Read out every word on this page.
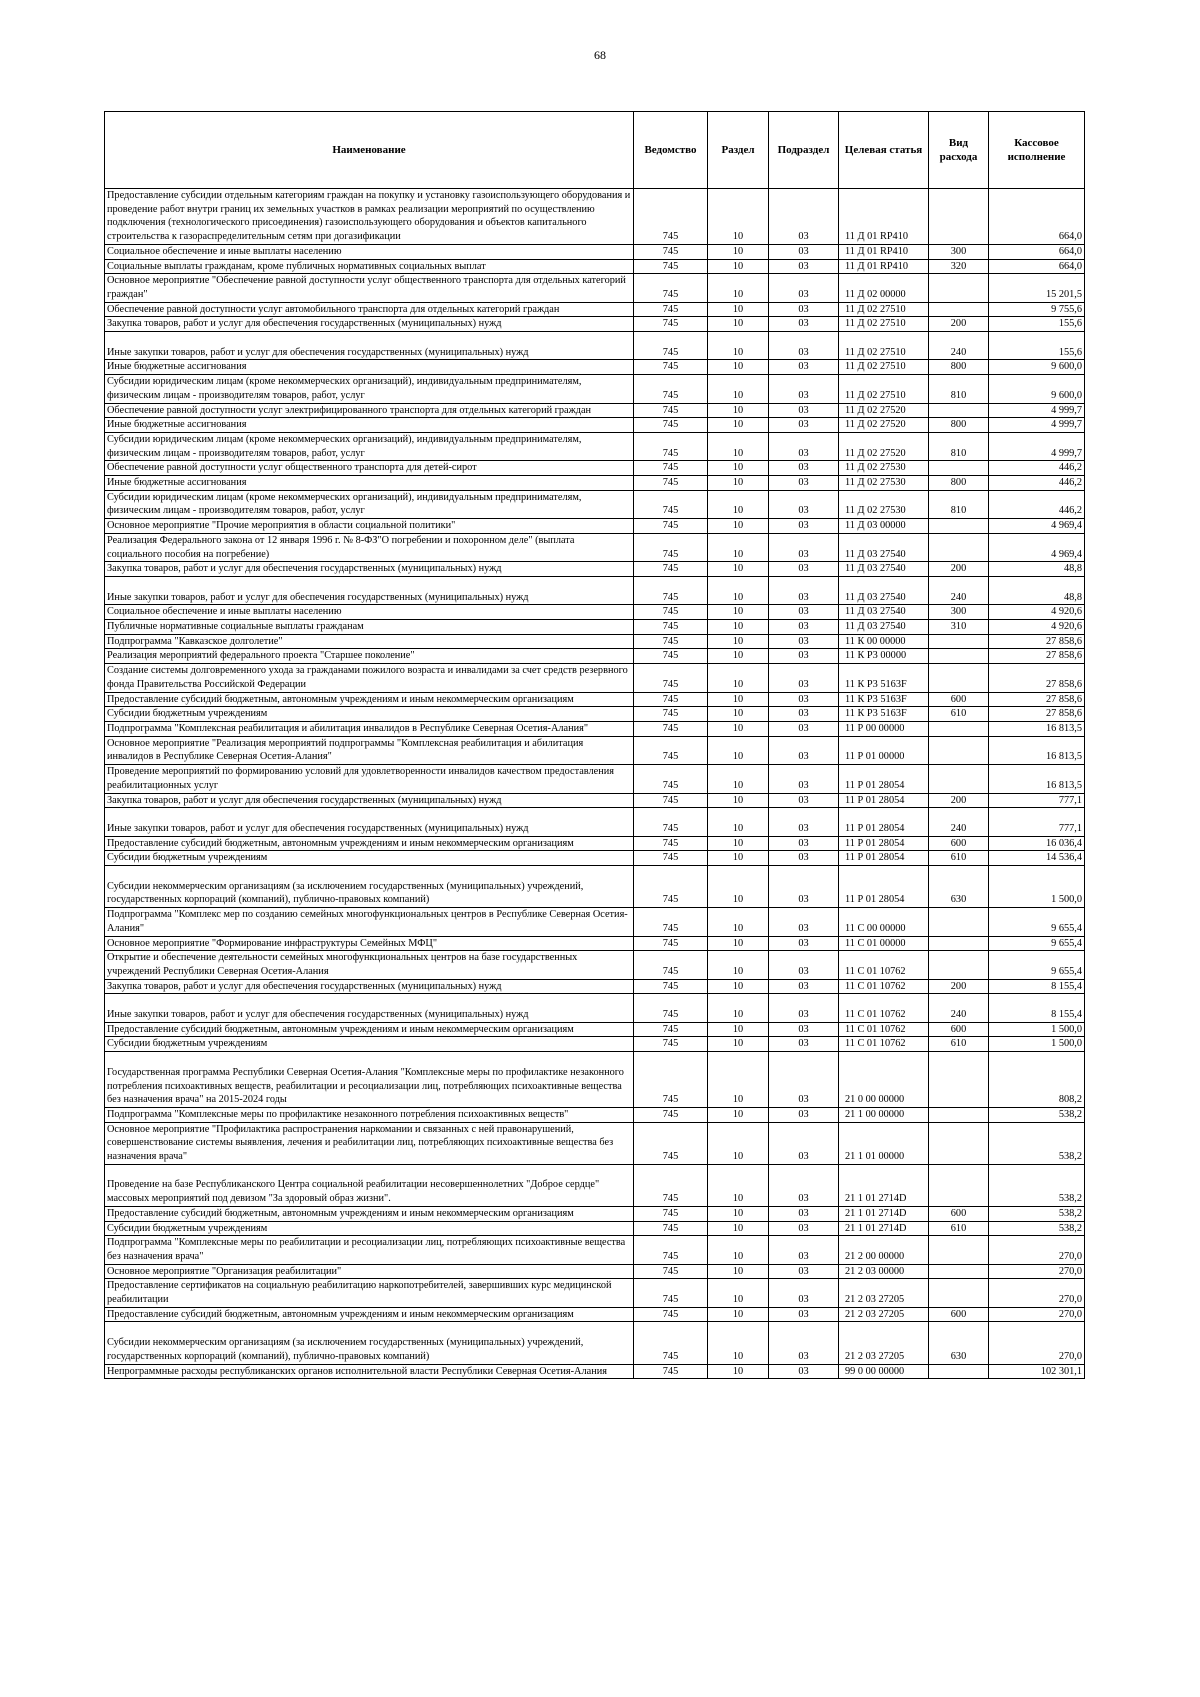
68
Наименование	Ведомство	Раздел	Подраздел	Целевая статья	Вид расхода	Кассовое исполнение
Предоставление субсидии отдельным категориям граждан на покупку и установку газоиспользующего оборудования и проведение работ внутри границ их земельных участков в рамках реализации мероприятий по осуществлению подключения (технологического присоединения) газоиспользующего оборудования и объектов капитального строительства к газораспределительным сетям при догазификации	745	10	03	11 Д 01 RP410		664,0
Социальное обеспечение и иные выплаты населению	745	10	03	11 Д 01 RP410	300	664,0
Социальные выплаты гражданам, кроме публичных нормативных социальных выплат	745	10	03	11 Д 01 RP410	320	664,0
Основное мероприятие "Обеспечение равной доступности услуг общественного транспорта для отдельных категорий граждан"	745	10	03	11 Д 02 00000		15 201,5
Обеспечение равной доступности услуг автомобильного транспорта для отдельных категорий граждан	745	10	03	11 Д 02 27510		9 755,6
Закупка товаров, работ и услуг для обеспечения государственных (муниципальных) нужд	745	10	03	11 Д 02 27510	200	155,6
Иные закупки товаров, работ и услуг для обеспечения государственных (муниципальных) нужд	745	10	03	11 Д 02 27510	240	155,6
Иные бюджетные ассигнования	745	10	03	11 Д 02 27510	800	9 600,0
Субсидии юридическим лицам (кроме некоммерческих организаций), индивидуальным предпринимателям, физическим лицам - производителям товаров, работ, услуг	745	10	03	11 Д 02 27510	810	9 600,0
Обеспечение равной доступности услуг электрифицированного транспорта для отдельных категорий граждан	745	10	03	11 Д 02 27520		4 999,7
Иные бюджетные ассигнования	745	10	03	11 Д 02 27520	800	4 999,7
Субсидии юридическим лицам (кроме некоммерческих организаций), индивидуальным предпринимателям, физическим лицам - производителям товаров, работ, услуг	745	10	03	11 Д 02 27520	810	4 999,7
Обеспечение равной доступности услуг общественного транспорта для детей-сирот	745	10	03	11 Д 02 27530		446,2
Иные бюджетные ассигнования	745	10	03	11 Д 02 27530	800	446,2
Субсидии юридическим лицам (кроме некоммерческих организаций), индивидуальным предпринимателям, физическим лицам - производителям товаров, работ, услуг	745	10	03	11 Д 02 27530	810	446,2
Основное мероприятие "Прочие мероприятия в области социальной политики"	745	10	03	11 Д 03 00000		4 969,4
Реализация Федерального закона от 12 января 1996 г. № 8-ФЗ"О погребении и похоронном деле" (выплата социального пособия на погребение)	745	10	03	11 Д 03 27540		4 969,4
Закупка товаров, работ и услуг для обеспечения государственных (муниципальных) нужд	745	10	03	11 Д 03 27540	200	48,8
Иные закупки товаров, работ и услуг для обеспечения государственных (муниципальных) нужд	745	10	03	11 Д 03 27540	240	48,8
Социальное обеспечение и иные выплаты населению	745	10	03	11 Д 03 27540	300	4 920,6
Публичные нормативные социальные выплаты гражданам	745	10	03	11 Д 03 27540	310	4 920,6
Подпрограмма "Кавказское долголетие"	745	10	03	11 К 00 00000		27 858,6
Реализация мероприятий федерального проекта "Старшее поколение"	745	10	03	11 К Р3 00000		27 858,6
Создание системы долговременного ухода за гражданами пожилого возраста и инвалидами за счет средств резервного фонда Правительства Российской Федерации	745	10	03	11 К Р3 5163F		27 858,6
Предоставление субсидий бюджетным, автономным учреждениям и иным некоммерческим организациям	745	10	03	11 К Р3 5163F	600	27 858,6
Субсидии бюджетным учреждениям	745	10	03	11 К Р3 5163F	610	27 858,6
Подпрограмма "Комплексная реабилитация и абилитация инвалидов в Республике Северная Осетия-Алания"	745	10	03	11 Р 00 00000		16 813,5
Основное мероприятие "Реализация мероприятий подпрограммы "Комплексная реабилитация и абилитация инвалидов в Республике Северная Осетия-Алания"	745	10	03	11 Р 01 00000		16 813,5
Проведение мероприятий по формированию условий для удовлетворенности инвалидов качеством предоставления реабилитационных услуг	745	10	03	11 Р 01 28054		16 813,5
Закупка товаров, работ и услуг для обеспечения государственных (муниципальных) нужд	745	10	03	11 Р 01 28054	200	777,1
Иные закупки товаров, работ и услуг для обеспечения государственных (муниципальных) нужд	745	10	03	11 Р 01 28054	240	777,1
Предоставление субсидий бюджетным, автономным учреждениям и иным некоммерческим организациям	745	10	03	11 Р 01 28054	600	16 036,4
Субсидии бюджетным учреждениям	745	10	03	11 Р 01 28054	610	14 536,4
Субсидии некоммерческим организациям (за исключением государственных (муниципальных) учреждений, государственных корпораций (компаний), публично-правовых компаний)	745	10	03	11 Р 01 28054	630	1 500,0
Подпрограмма "Комплекс мер по созданию семейных многофункциональных центров в Республике Северная Осетия-Алания"	745	10	03	11 С 00 00000		9 655,4
Основное мероприятие "Формирование инфраструктуры Семейных МФЦ"	745	10	03	11 С 01 00000		9 655,4
Открытие и обеспечение деятельности семейных многофункциональных центров на базе государственных учреждений Республики Северная Осетия-Алания	745	10	03	11 С 01 10762		9 655,4
Закупка товаров, работ и услуг для обеспечения государственных (муниципальных) нужд	745	10	03	11 С 01 10762	200	8 155,4
Иные закупки товаров, работ и услуг для обеспечения государственных (муниципальных) нужд	745	10	03	11 С 01 10762	240	8 155,4
Предоставление субсидий бюджетным, автономным учреждениям и иным некоммерческим организациям	745	10	03	11 С 01 10762	600	1 500,0
Субсидии бюджетным учреждениям	745	10	03	11 С 01 10762	610	1 500,0
Государственная программа Республики Северная Осетия-Алания "Комплексные меры по профилактике незаконного потребления психоактивных веществ, реабилитации и ресоциализации лиц, потребляющих психоактивные вещества без назначения врача" на 2015-2024 годы	745	10	03	21 0 00 00000		808,2
Подпрограмма "Комплексные меры по профилактике незаконного потребления психоактивных веществ"	745	10	03	21 1 00 00000		538,2
Основное мероприятие "Профилактика распространения наркомании и связанных с ней правонарушений, совершенствование системы выявления, лечения и реабилитации лиц, потребляющих психоактивные вещества без назначения врача"	745	10	03	21 1 01 00000		538,2
Проведение на базе Республиканского Центра социальной реабилитации несовершеннолетних "Доброе сердце" массовых мероприятий под девизом "За здоровый образ жизни".	745	10	03	21 1 01 2714D		538,2
Предоставление субсидий бюджетным, автономным учреждениям и иным некоммерческим организациям	745	10	03	21 1 01 2714D	600	538,2
Субсидии бюджетным учреждениям	745	10	03	21 1 01 2714D	610	538,2
Подпрограмма "Комплексные меры по реабилитации и ресоциализации лиц, потребляющих психоактивные вещества без назначения врача"	745	10	03	21 2 00 00000		270,0
Основное мероприятие "Организация реабилитации"	745	10	03	21 2 03 00000		270,0
Предоставление сертификатов на социальную реабилитацию наркопотребителей, завершивших курс медицинской реабилитации	745	10	03	21 2 03 27205		270,0
Предоставление субсидий бюджетным, автономным учреждениям и иным некоммерческим организациям	745	10	03	21 2 03 27205	600	270,0
Субсидии некоммерческим организациям (за исключением государственных (муниципальных) учреждений, государственных корпораций (компаний), публично-правовых компаний)	745	10	03	21 2 03 27205	630	270,0
Непрограммные расходы республиканских органов исполнительной власти Республики Северная Осетия-Алания	745	10	03	99 0 00 00000		102 301,1
